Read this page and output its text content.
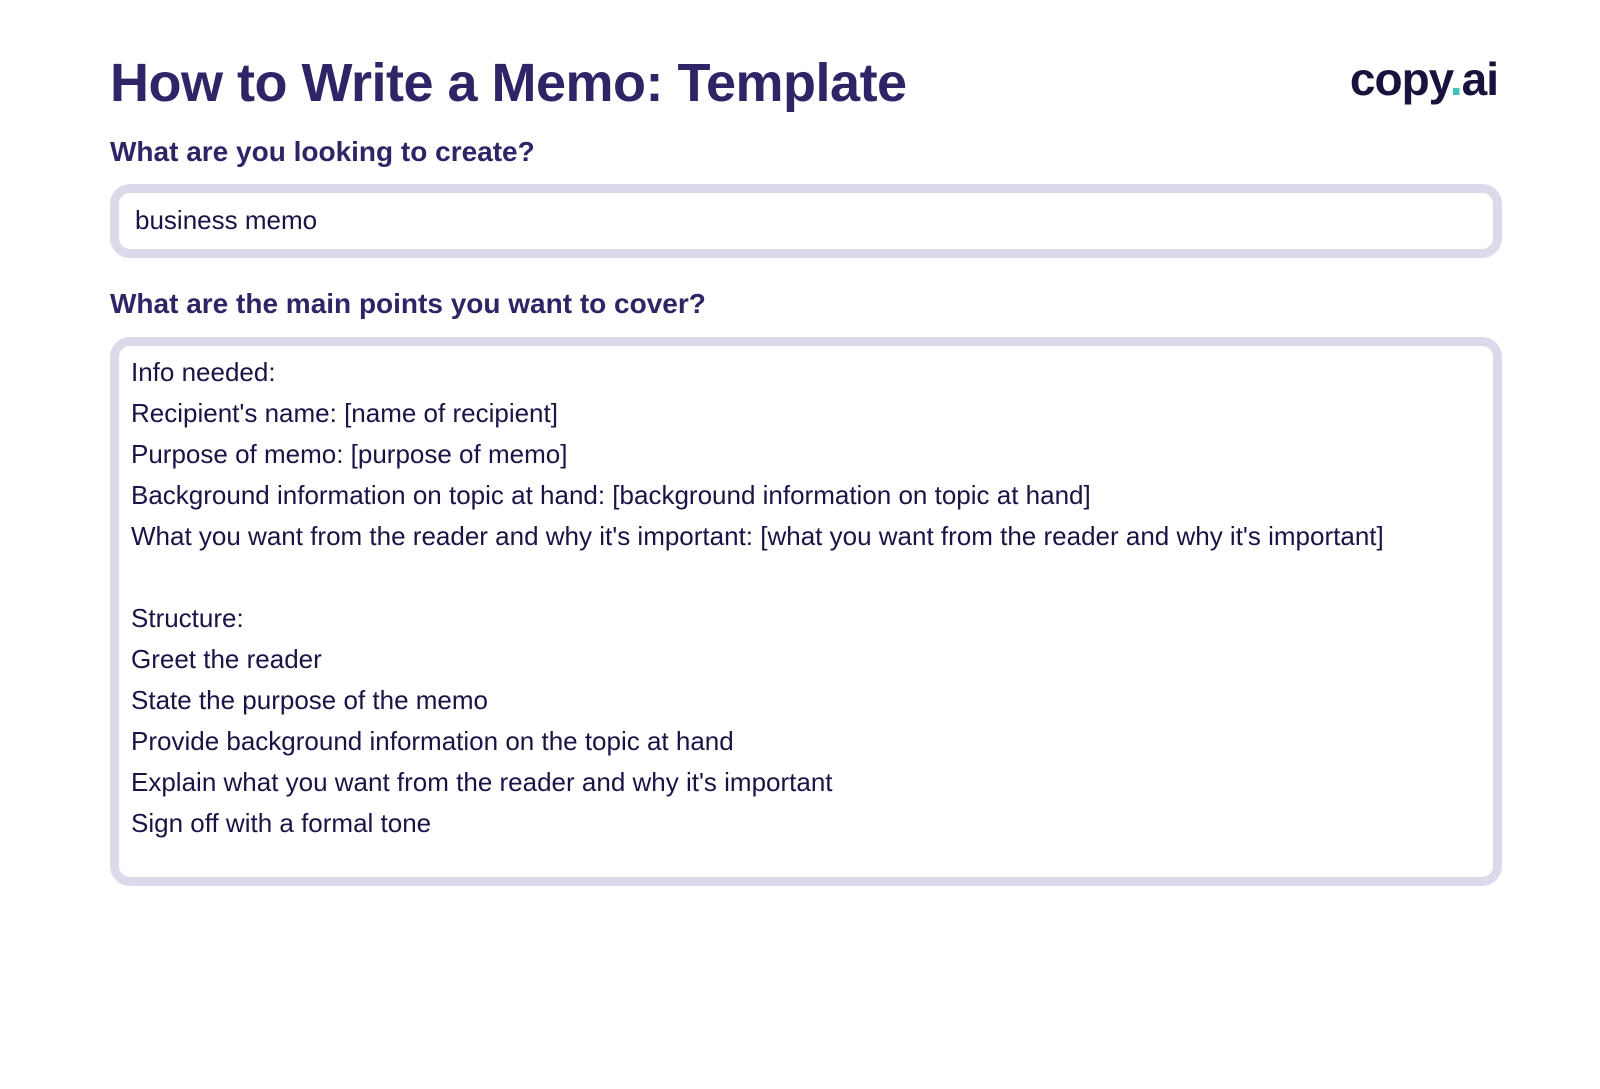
How to Write a Memo: Template	copy.ai
What are you looking to create?
business memo
What are the main points you want to cover?
Info needed:
Recipient's name: [name of recipient]
Purpose of memo: [purpose of memo]
Background information on topic at hand: [background information on topic at hand]
What you want from the reader and why it's important: [what you want from the reader and why it's important]
Structure:
Greet the reader
State the purpose of the memo
Provide background information on the topic at hand
Explain what you want from the reader and why it's important
Sign off with a formal tone
